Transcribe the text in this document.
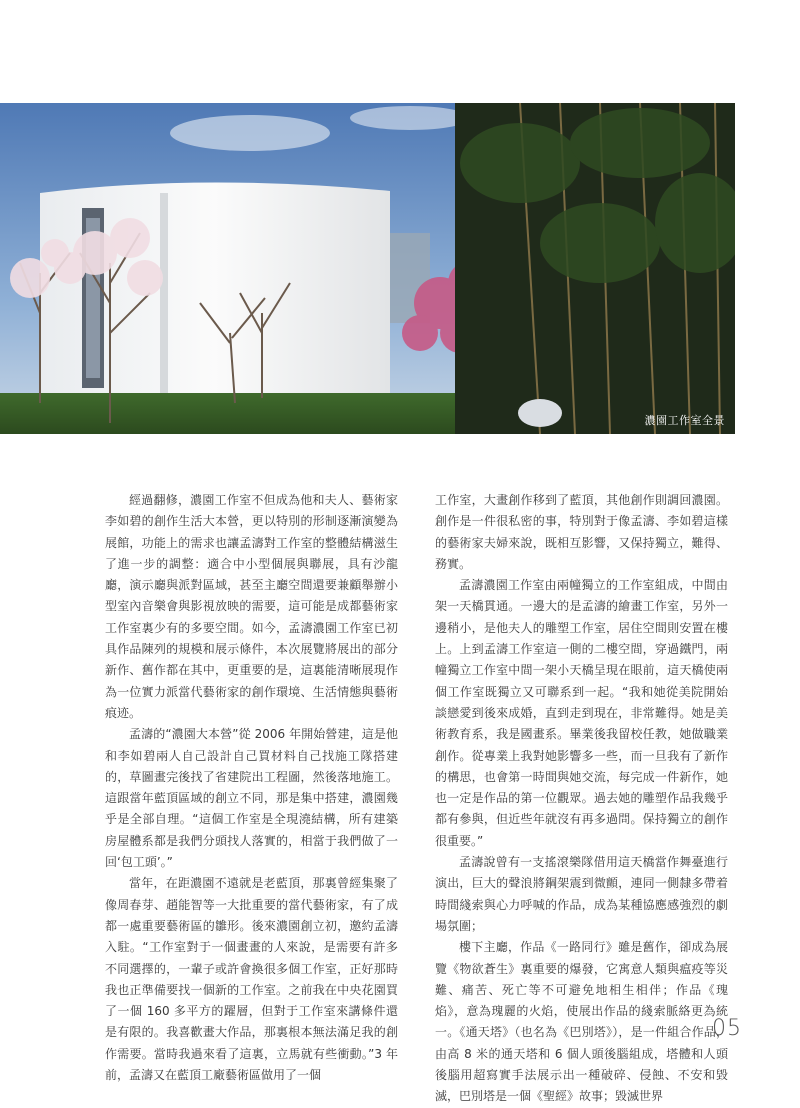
濃園工作室全景

經過翻修，濃園工作室不但成為他和夫人、藝術家李如碧的創作生活大本營，更以特別的形制逐漸演變為展館，功能上的需求也讓孟濤對工作室的整體結構滋生了進一步的調整：適合中小型個展與聯展，具有沙龍廳，演示廳與派對區域，甚至主廳空間還要兼顧舉辦小型室內音樂會與影視放映的需要，這可能是成都藝術家工作室裏少有的多要空間。如今，孟濤濃園工作室已初具作品陳列的規模和展示條件，本次展覽將展出的部分新作、舊作都在其中，更重要的是，這裏能清晰展現作為一位實力派當代藝術家的創作環境、生活情態與藝術痕迹。

孟濤的“濃園大本營”從 2006 年開始營建，這是他和李如碧兩人自己設計自己買材料自己找施工隊搭建的，草圖畫完後找了省建院出工程圖，然後落地施工。這跟當年藍頂區域的創立不同，那是集中搭建，濃園幾乎是全部自理。“這個工作室是全現澆結構，所有建築房屋體系都是我們分頭找人落實的，相當于我們做了一回‘包工頭’。”

當年，在距濃園不遠就是老藍頂，那裏曾經集聚了像周春芽、趙能智等一大批重要的當代藝術家，有了成都一處重要藝術區的雛形。後來濃園創立初，邀約孟濤入駐。“工作室對于一個畫畫的人來說，是需要有許多不同選擇的，一輩子或許會換很多個工作室，正好那時我也正準備要找一個新的工作室。之前我在中央花園買了一個 160 多平方的躍層，但對于工作室來講條件還是有限的。我喜歡畫大作品，那裏根本無法滿足我的創作需要。當時我過來看了這裏，立馬就有些衝動。”3 年前，孟濤又在藍頂工廠藝術區做用了一個

工作室，大畫創作移到了藍頂，其他創作則調回濃園。創作是一件很私密的事，特別對于像孟濤、李如碧這樣的藝術家夫婦來說，既相互影響，又保持獨立，難得、務實。

孟濤濃園工作室由兩幢獨立的工作室組成，中間由架一天橋貫通。一邊大的是孟濤的繪畫工作室，另外一邊稍小，是他夫人的雕塑工作室，居住空間則安置在樓上。上到孟濤工作室這一側的二樓空間，穿過鐵門，兩幢獨立工作室中間一架小天橋呈現在眼前，這天橋使兩個工作室既獨立又可聯系到一起。“我和她從美院開始談戀愛到後來成婚，直到走到現在，非常難得。她是美術教育系，我是國畫系。畢業後我留校任教，她做職業創作。從專業上我對她影響多一些，而一旦我有了新作的構思，也會第一時間與她交流，每完成一件新作，她也一定是作品的第一位觀眾。過去她的雕塑作品我幾乎都有參與，但近些年就沒有再多過問。保持獨立的創作很重要。”

孟濤說曾有一支搖滾樂隊借用這天橋當作舞臺進行演出，巨大的聲浪將鋼架震到微顫，連同一側隸多帶着時間綫索與心力呼喊的作品，成為某種協應感強烈的劇場氛圍；

樓下主廳，作品《一路同行》雖是舊作，卻成為展覽《物欲蒼生》裏重要的爆發，它寓意人類與瘟疫等災難、痛苦、死亡等不可避免地相生相伴；作品《瑰焰》，意為瑰麗的火焰，使展出作品的綫索脈絡更為統一。《通天塔》（也名為《巴別塔》），是一件組合作品，由高 8 米的通天塔和 6 個人頭後腦組成，塔體和人頭後腦用超寫實手法展示出一種破碎、侵蝕、不安和毀滅，巴別塔是一個《聖經》故事；毀滅世界

05
